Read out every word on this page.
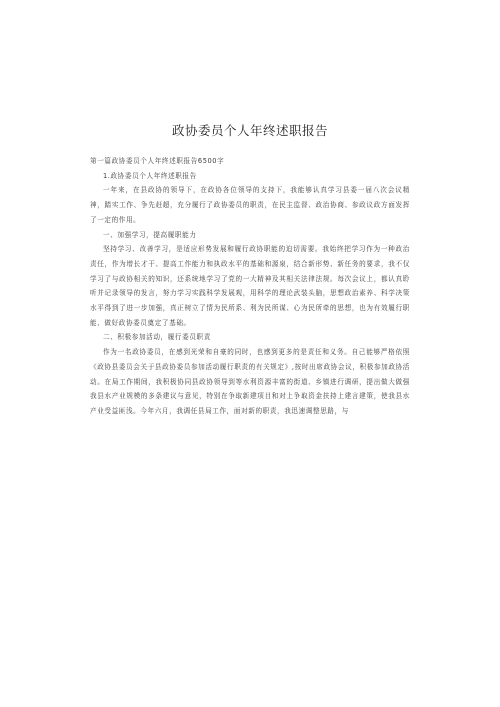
政协委员个人年终述职报告

第一篇政协委员个人年终述职报告6500字

1.政协委员个人年终述职报告

一年来，在县政协的领导下，在政协各位领导的支持下，我能够认真学习县委一届八次会议精神，踏实工作、争先赶超，充分履行了政协委员的职责，在民主监督、政治协商、参政议政方面发挥了一定的作用。

一、加强学习，提高履职能力

坚持学习、改善学习，是适应形势发展和履行政协职能的迫切需要。我始终把学习作为一种政治责任，作为增长才干、提高工作能力和执政水平的基础和源泉，结合新形势、新任务的要求，我不仅学习了与政协相关的知识，还系统地学习了党的一大精神及其相关法律法规。每次会议上，都认真聆听并记录领导的发言，努力学习实践科学发展观，用科学的理论武装头脑，思想政治素养、科学决策水平得到了进一步加强，真正树立了情为民所系、利为民所谋、心为民所牵的思想，也为有效履行职能、做好政协委员奠定了基础。

二、积极参加活动，履行委员职责

作为一名政协委员，在感到光荣和自豪的同时，也感到更多的是责任和义务。自己能够严格依照《政协县委员会关于县政协委员参加活动履行职责的有关规定》,按时出席政协会议，积极参加政协活动。在局工作期间，我积极协同县政协领导到等水利资源丰富的街道、乡镇进行调研，提出做大做强我县水产业规模的多条建议与意见，特别在争取新建项目和对上争取资金扶持上建言建策，使我县水产业受益匪浅。今年六月，我调任县局工作，面对新的职责，我迅速调整思路，与
